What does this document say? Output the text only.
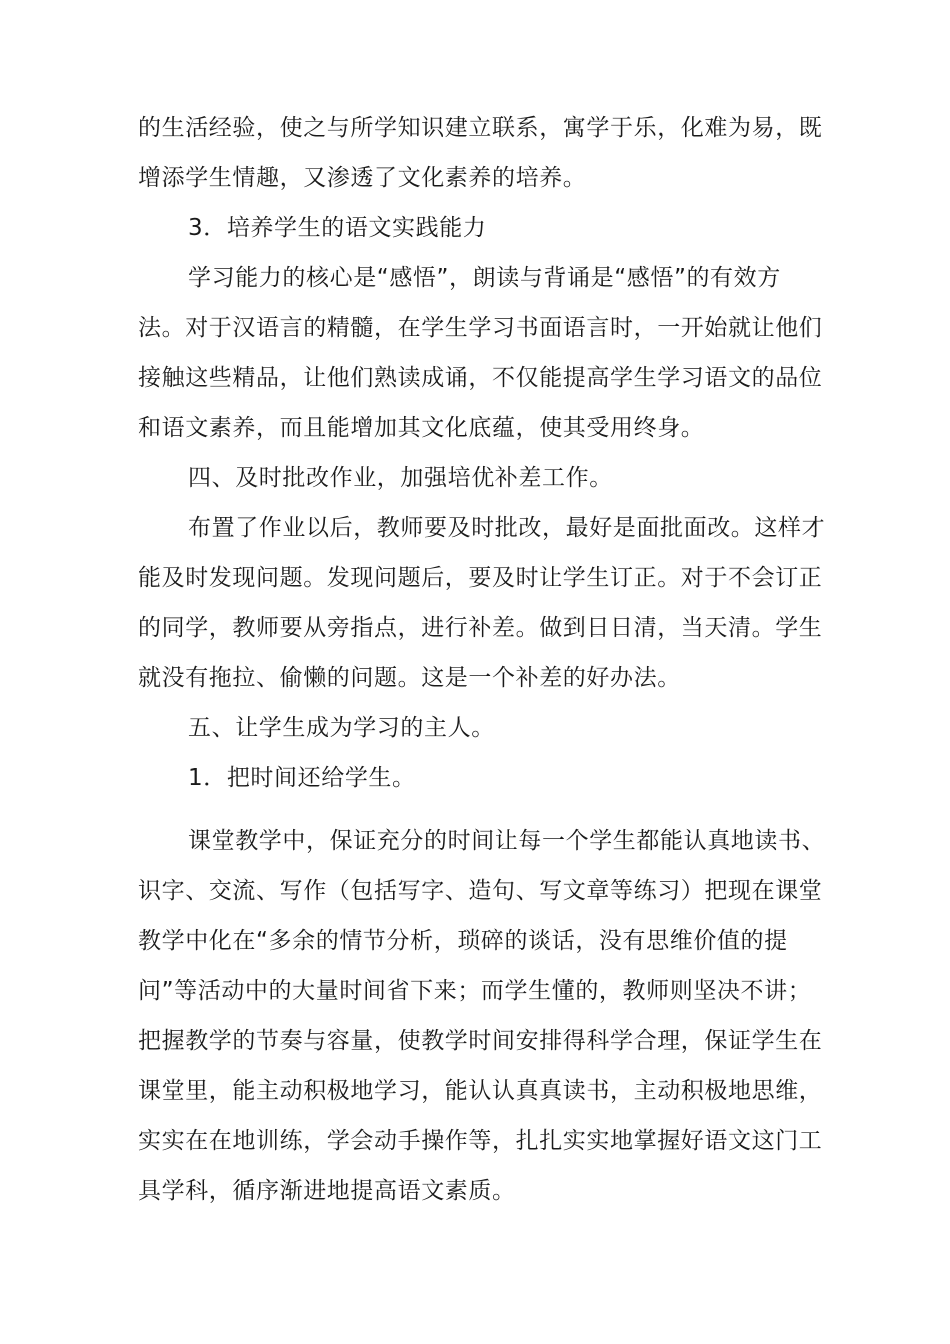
的生活经验，使之与所学知识建立联系，寓学于乐，化难为易，既
增添学生情趣，又渗透了文化素养的培养。
3．培养学生的语文实践能力
学习能力的核心是“感悟”，朗读与背诵是“感悟”的有效方
法。对于汉语言的精髓，在学生学习书面语言时，一开始就让他们
接触这些精品，让他们熟读成诵，不仅能提高学生学习语文的品位
和语文素养，而且能增加其文化底蕴，使其受用终身。
四、及时批改作业，加强培优补差工作。
布置了作业以后，教师要及时批改，最好是面批面改。这样才
能及时发现问题。发现问题后，要及时让学生订正。对于不会订正
的同学，教师要从旁指点，进行补差。做到日日清，当天清。学生
就没有拖拉、偷懒的问题。这是一个补差的好办法。
五、让学生成为学习的主人。
1．把时间还给学生。
课堂教学中，保证充分的时间让每一个学生都能认真地读书、
识字、交流、写作（包括写字、造句、写文章等练习）把现在课堂
教学中化在“多余的情节分析，琐碎的谈话，没有思维价值的提
问”等活动中的大量时间省下来；而学生懂的，教师则坚决不讲；
把握教学的节奏与容量，使教学时间安排得科学合理，保证学生在
课堂里，能主动积极地学习，能认认真真读书，主动积极地思维，
实实在在地训练，学会动手操作等，扎扎实实地掌握好语文这门工
具学科，循序渐进地提高语文素质。
